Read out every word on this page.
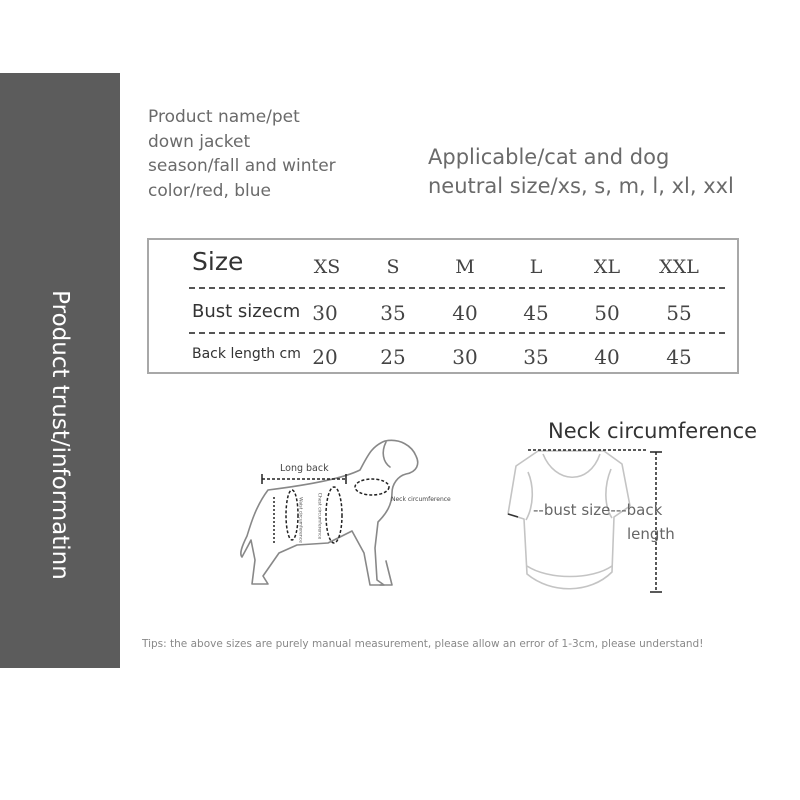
Product trust/informatinn
Product name/pet
down jacket
season/fall and winter
color/red, blue
Applicable/cat and dog
neutral size/xs, s, m, l, xl, xxl
Size	XS	S	M	L	XL	XXL
Bust sizecm 30	35	40	45	50	55
Back length cm 20	25	30	35	40	45
Neck circumference
--bust size---back
length
Long back
Neck circumference
Waist circumference	Chest circumference
Tips: the above sizes are purely manual measurement, please allow an error of 1-3cm, please understand!
